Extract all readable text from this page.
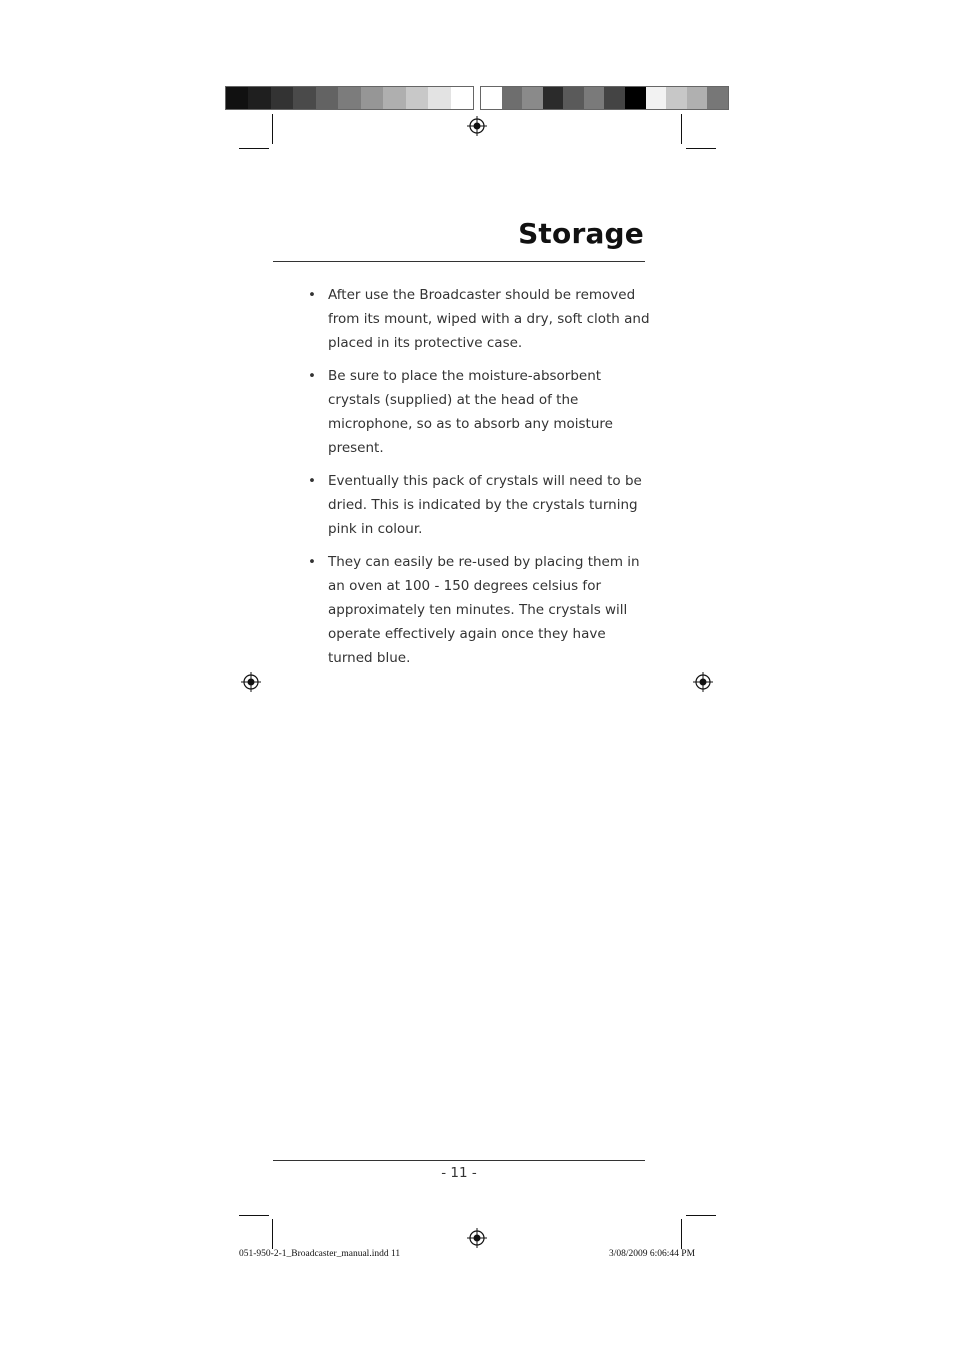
Storage
• After use the Broadcaster should be removed from its mount, wiped with a dry, soft cloth and placed in its protective case.
• Be sure to place the moisture-absorbent crystals (supplied) at the head of the microphone, so as to absorb any moisture present.
• Eventually this pack of crystals will need to be dried. This is indicated by the crystals turning pink in colour.
• They can easily be re-used by placing them in an oven at 100 - 150 degrees celsius for approximately ten minutes. The crystals will operate effectively again once they have turned blue.
- 11 -
051-950-2-1_Broadcaster_manual.indd 11	3/08/2009 6:06:44 PM
